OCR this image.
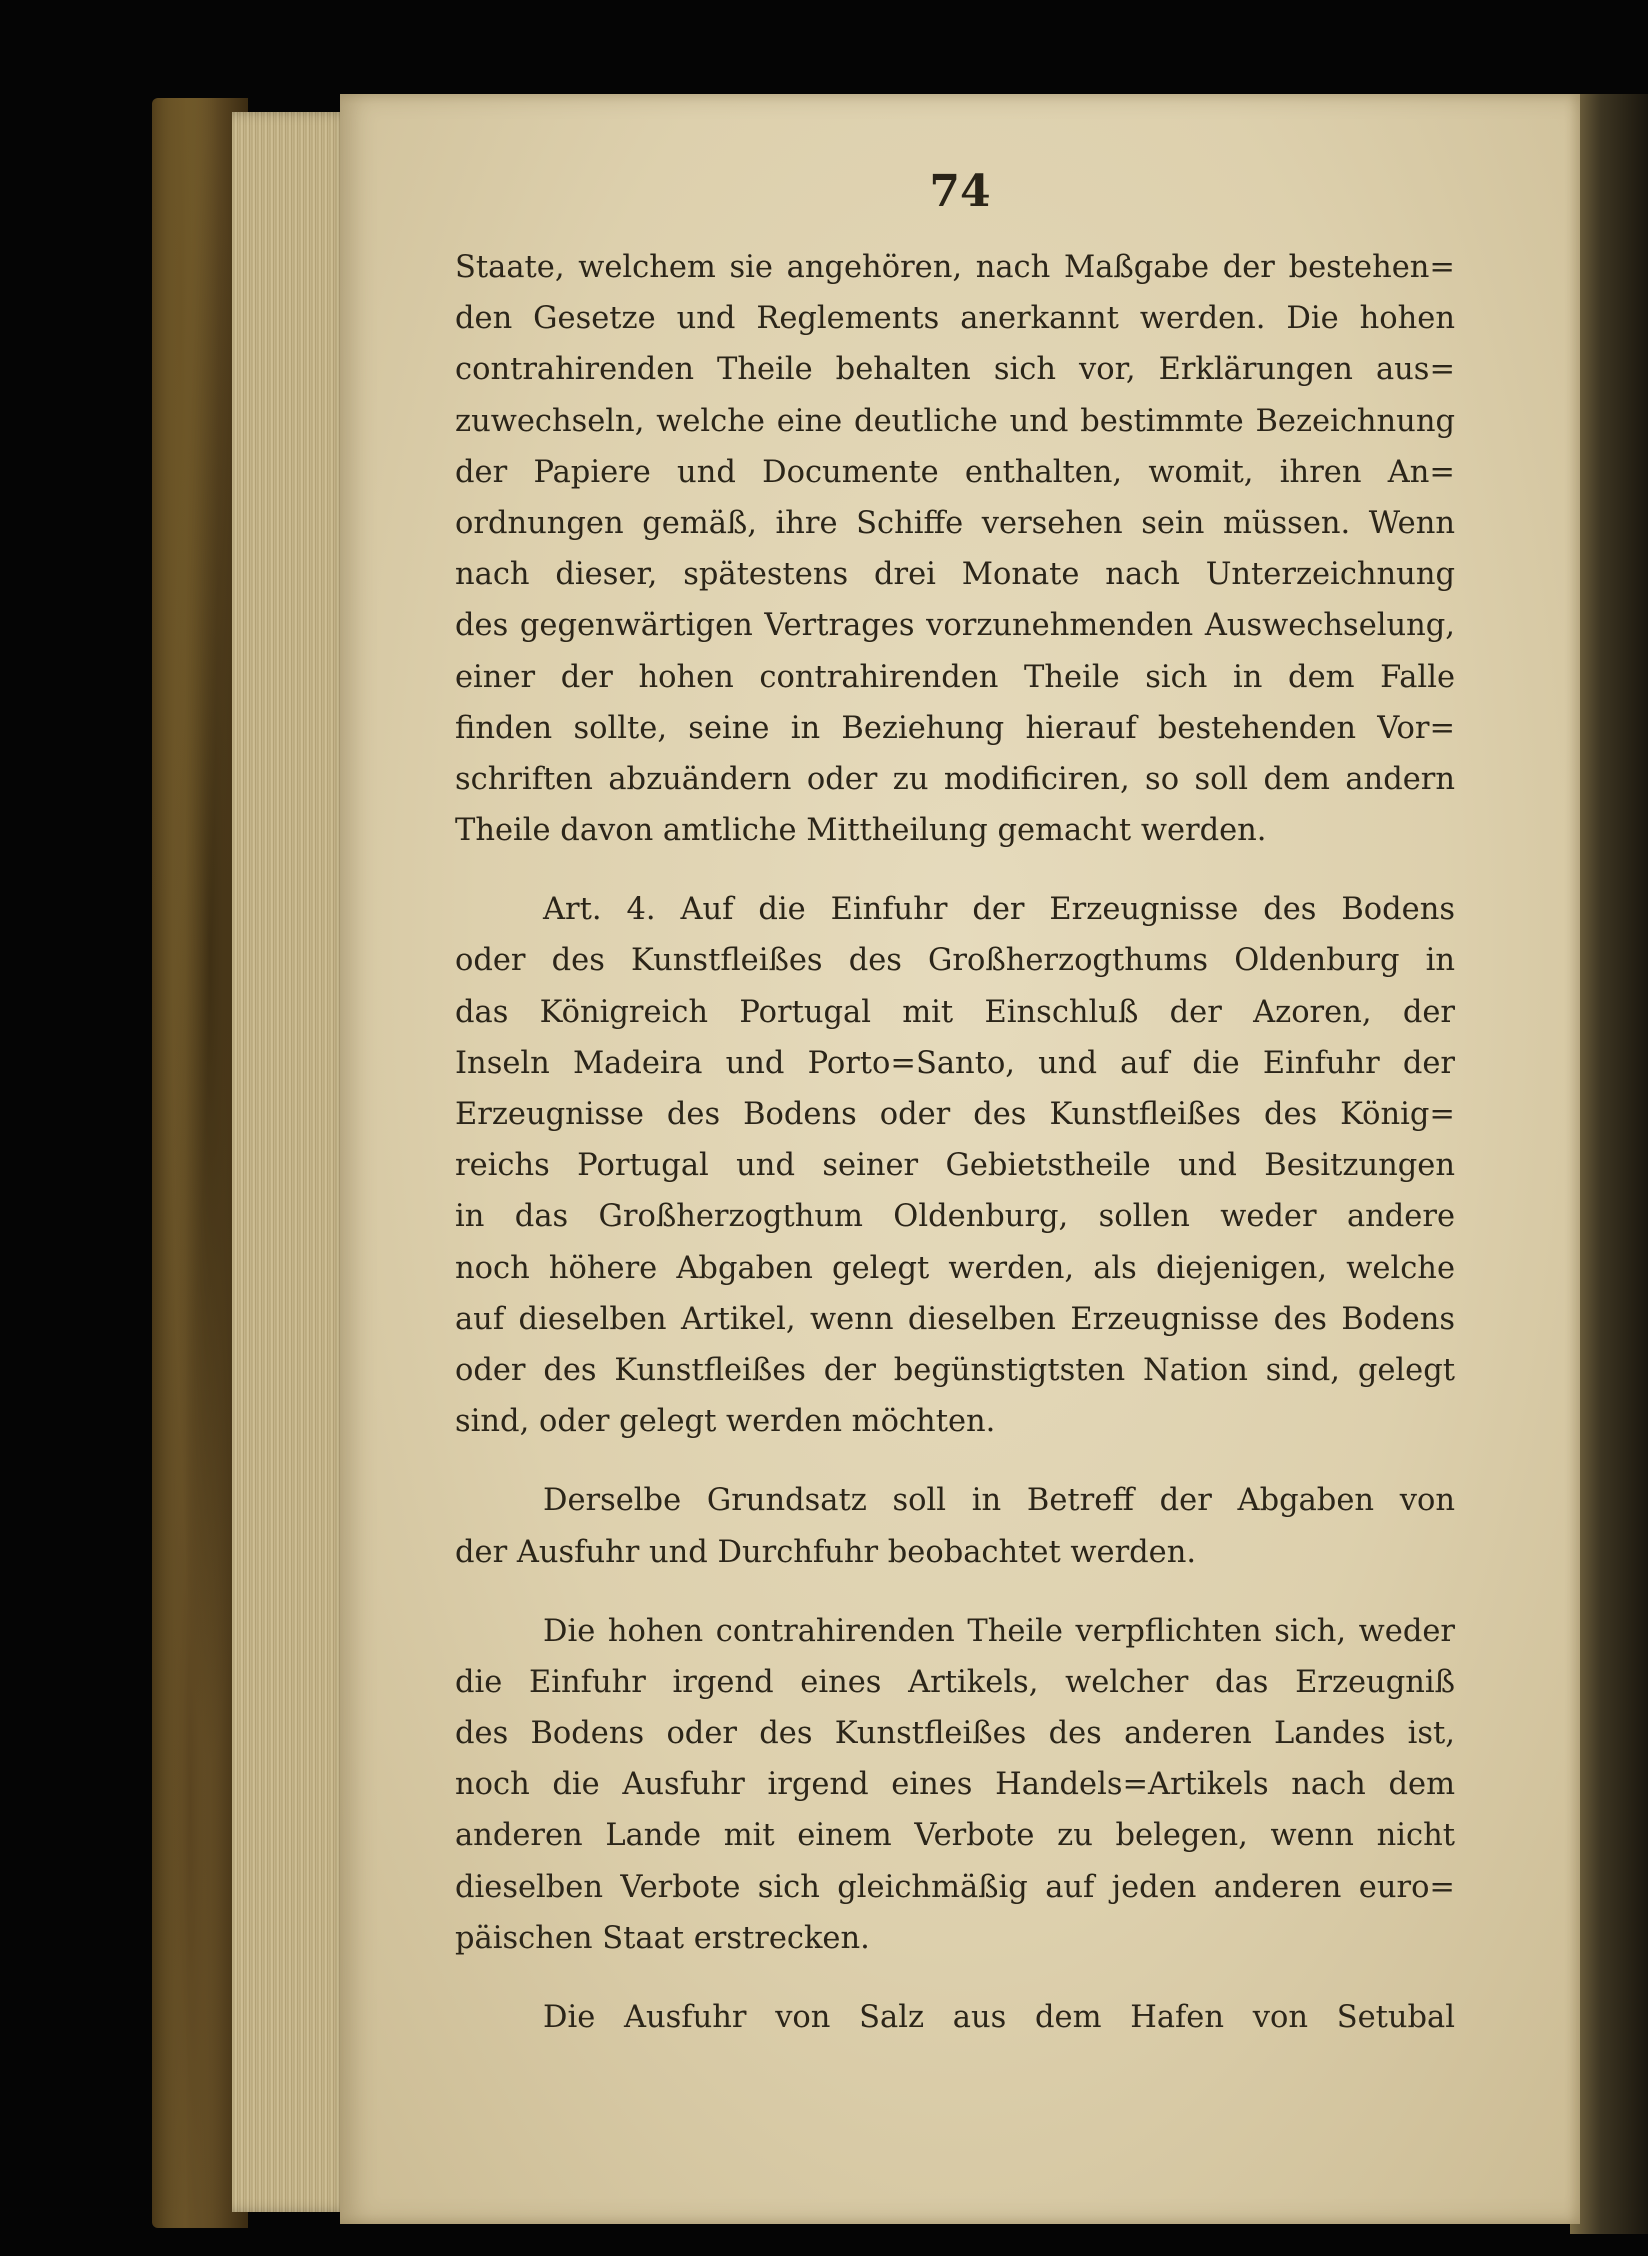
74

Staate, welchem sie angehören, nach Maßgabe der bestehen=

den Gesetze und Reglements anerkannt werden. Die hohen

contrahirenden Theile behalten sich vor, Erklärungen aus=

zuwechseln, welche eine deutliche und bestimmte Bezeichnung

der Papiere und Documente enthalten, womit, ihren An=

ordnungen gemäß, ihre Schiffe versehen sein müssen. Wenn

nach dieser, spätestens drei Monate nach Unterzeichnung

des gegenwärtigen Vertrages vorzunehmenden Auswechselung,

einer der hohen contrahirenden Theile sich in dem Falle

finden sollte, seine in Beziehung hierauf bestehenden Vor=

schriften abzuändern oder zu modificiren, so soll dem andern

Theile davon amtliche Mittheilung gemacht werden.

Art. 4. Auf die Einfuhr der Erzeugnisse des Bodens

oder des Kunstfleißes des Großherzogthums Oldenburg in

das Königreich Portugal mit Einschluß der Azoren, der

Inseln Madeira und Porto=Santo, und auf die Einfuhr der

Erzeugnisse des Bodens oder des Kunstfleißes des König=

reichs Portugal und seiner Gebietstheile und Besitzungen

in das Großherzogthum Oldenburg, sollen weder andere

noch höhere Abgaben gelegt werden, als diejenigen, welche

auf dieselben Artikel, wenn dieselben Erzeugnisse des Bodens

oder des Kunstfleißes der begünstigtsten Nation sind, gelegt

sind, oder gelegt werden möchten.

Derselbe Grundsatz soll in Betreff der Abgaben von

der Ausfuhr und Durchfuhr beobachtet werden.

Die hohen contrahirenden Theile verpflichten sich, weder

die Einfuhr irgend eines Artikels, welcher das Erzeugniß

des Bodens oder des Kunstfleißes des anderen Landes ist,

noch die Ausfuhr irgend eines Handels=Artikels nach dem

anderen Lande mit einem Verbote zu belegen, wenn nicht

dieselben Verbote sich gleichmäßig auf jeden anderen euro=

päischen Staat erstrecken.

Die Ausfuhr von Salz aus dem Hafen von Setubal
